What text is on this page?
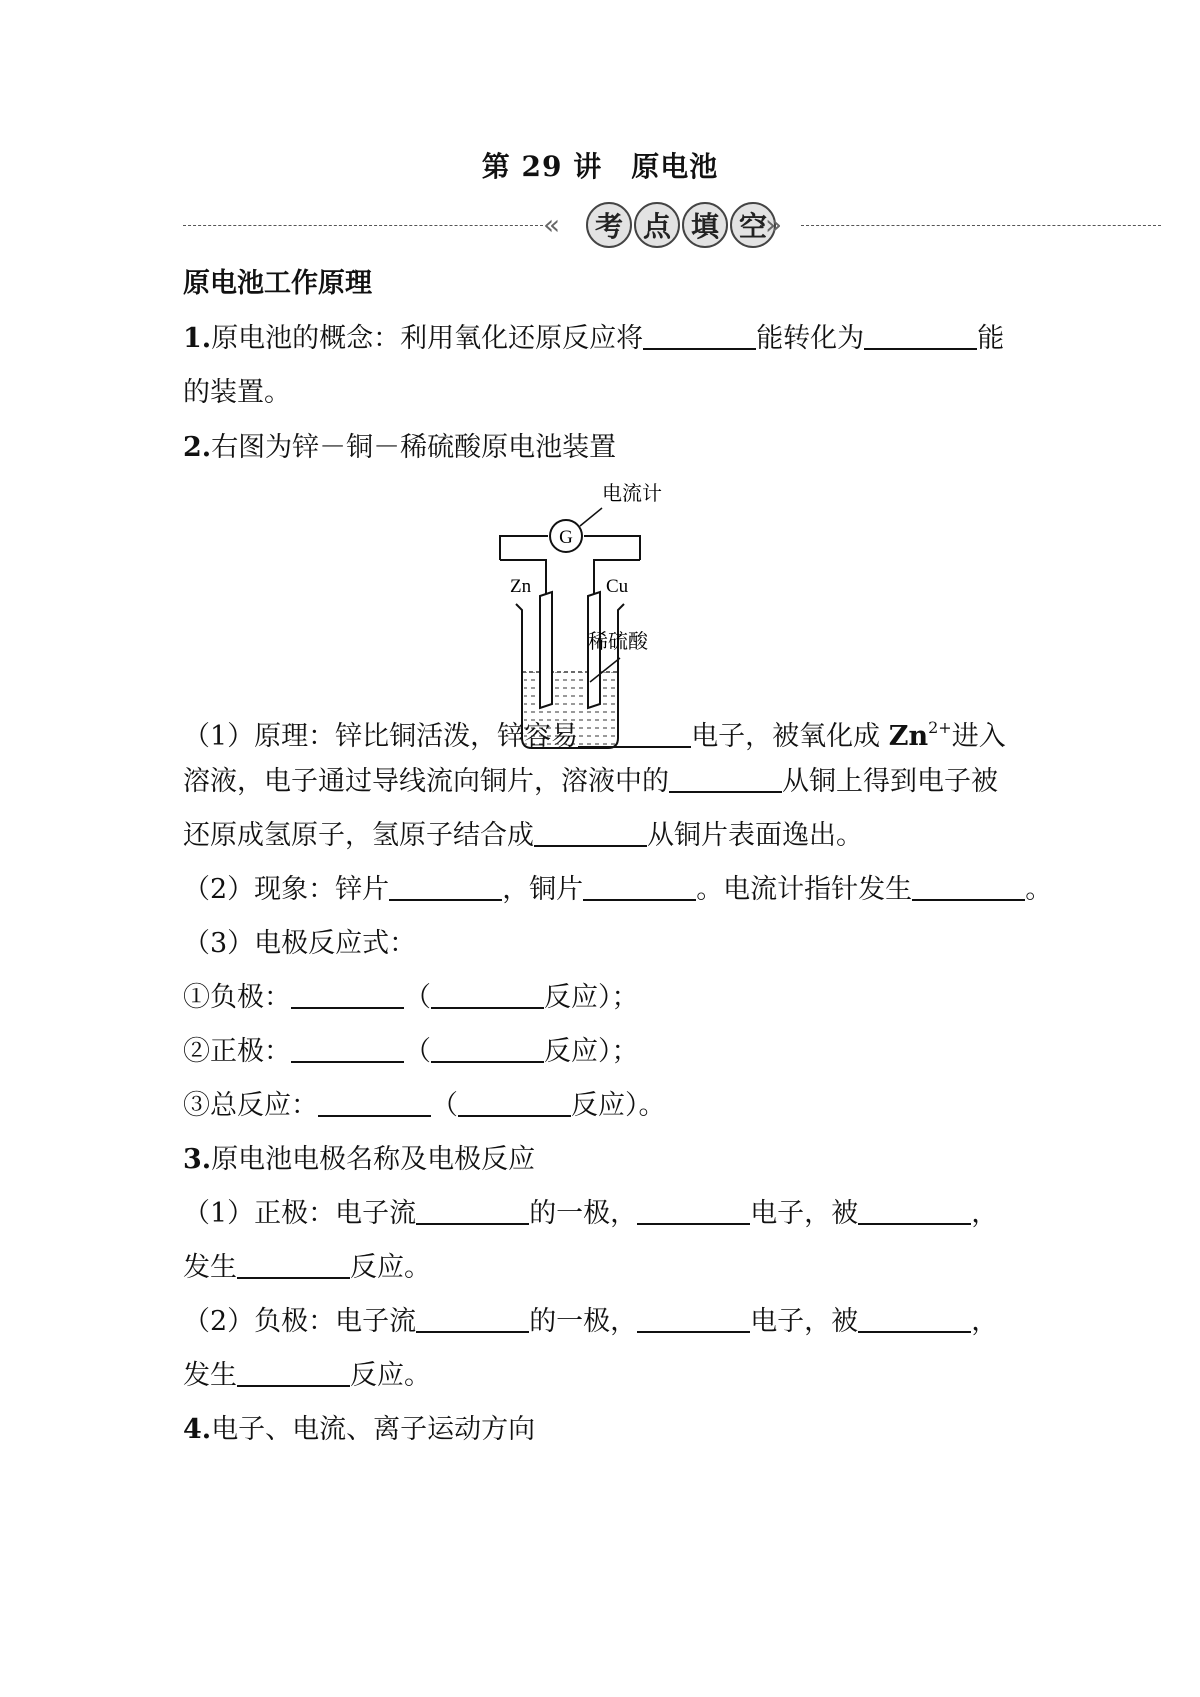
第 29 讲　原电池
«	考 点 填 空
»
原电池工作原理
1.原电池的概念：利用氧化还原反应将	能转化为	能
的装置。
2.右图为锌－铜－稀硫酸原电池装置
G
电流计
Zn	Cu
稀硫酸
（1）原理：锌比铜活泼，锌容易	电子，被氧化成 $Zn^{2+}$进入
溶液，电子通过导线流向铜片，溶液中的	从铜上得到电子被
还原成氢原子，氢原子结合成	从铜片表面逸出。
（2）现象：锌片	，铜片	。电流计指针发生	。
（3）电极反应式：
①负极：	（	反应）；
②正极：	（	反应）；
③总反应：	（	反应）。
3.原电池电极名称及电极反应
（1）正极：电子流	的一极，	电子，被	，
发生	反应。
（2）负极：电子流	的一极，	电子，被	，
发生	反应。
4.电子、电流、离子运动方向
